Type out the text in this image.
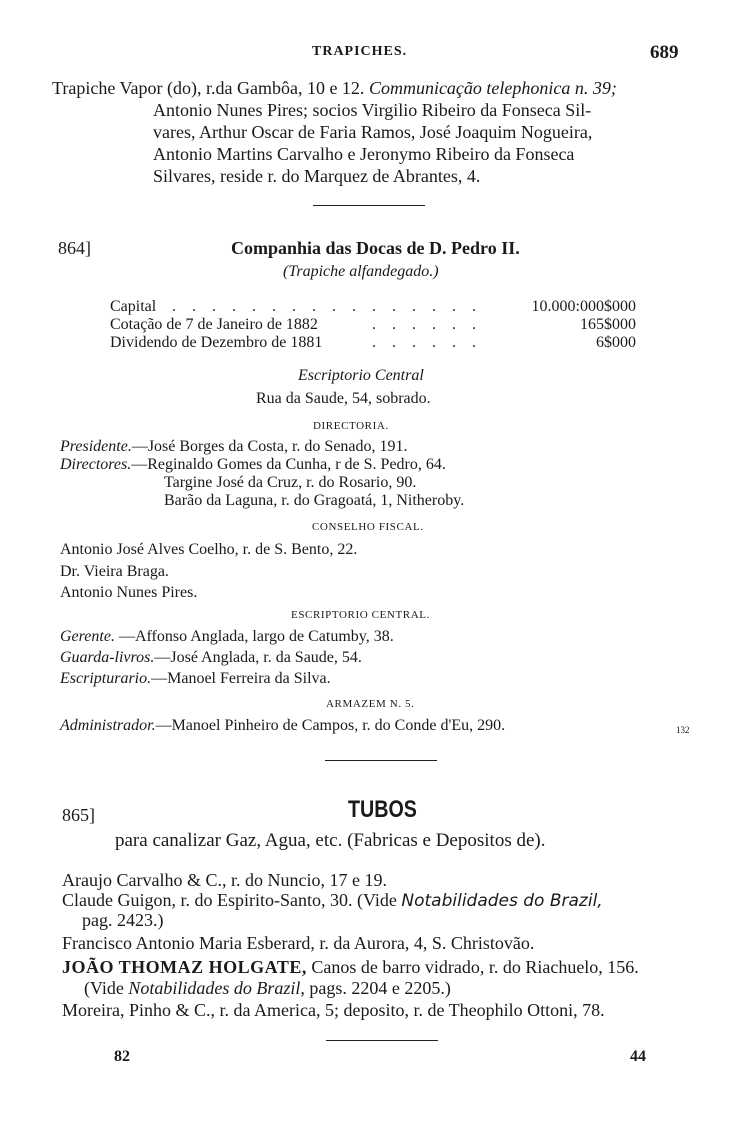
TRAPICHES.	689
Trapiche Vapor (do), r.da Gambôa, 10 e 12. Communicação telephonica n. 39;
Antonio Nunes Pires; socios Virgilio Ribeiro da Fonseca Sil-
vares, Arthur Oscar de Faria Ramos, José Joaquim Nogueira,
Antonio Martins Carvalho e Jeronymo Ribeiro da Fonseca
Silvares, reside r. do Marquez de Abrantes, 4.
864]	Companhia das Docas de D. Pedro II.
(Trapiche alfandegado.)
Capital . . . . . . . . . . . . . . . .	10.000:000$000
Cotação de 7 de Janeiro de 1882	. . . . . .	165$000
Dividendo de Dezembro de 1881	. . . . . .	6$000
Escriptorio Central
Rua da Saude, 54, sobrado.
DIRECTORIA.
Presidente.—José Borges da Costa, r. do Senado, 191.
Directores.—Reginaldo Gomes da Cunha, r de S. Pedro, 64.
Targine José da Cruz, r. do Rosario, 90.
Barão da Laguna, r. do Gragoatá, 1, Nitheroby.
CONSELHO FISCAL.
Antonio José Alves Coelho, r. de S. Bento, 22.
Dr. Vieira Braga.
Antonio Nunes Pires.
ESCRIPTORIO CENTRAL.
Gerente. —Affonso Anglada, largo de Catumby, 38.
Guarda-livros.—José Anglada, r. da Saude, 54.
Escripturario.—Manoel Ferreira da Silva.
ARMAZEM N. 5.
Administrador.—Manoel Pinheiro de Campos, r. do Conde d'Eu, 290.	132
865]	TUBOS
para canalizar Gaz, Agua, etc. (Fabricas e Depositos de).
Araujo Carvalho & C., r. do Nuncio, 17 e 19.
Claude Guigon, r. do Espirito-Santo, 30. (Vide Notabilidades do Brazil,
pag. 2423.)
Francisco Antonio Maria Esberard, r. da Aurora, 4, S. Christovão.
JOÃO THOMAZ HOLGATE, Canos de barro vidrado, r. do Riachuelo, 156.
(Vide Notabilidades do Brazil, pags. 2204 e 2205.)
Moreira, Pinho & C., r. da America, 5; deposito, r. de Theophilo Ottoni, 78.
82	44
